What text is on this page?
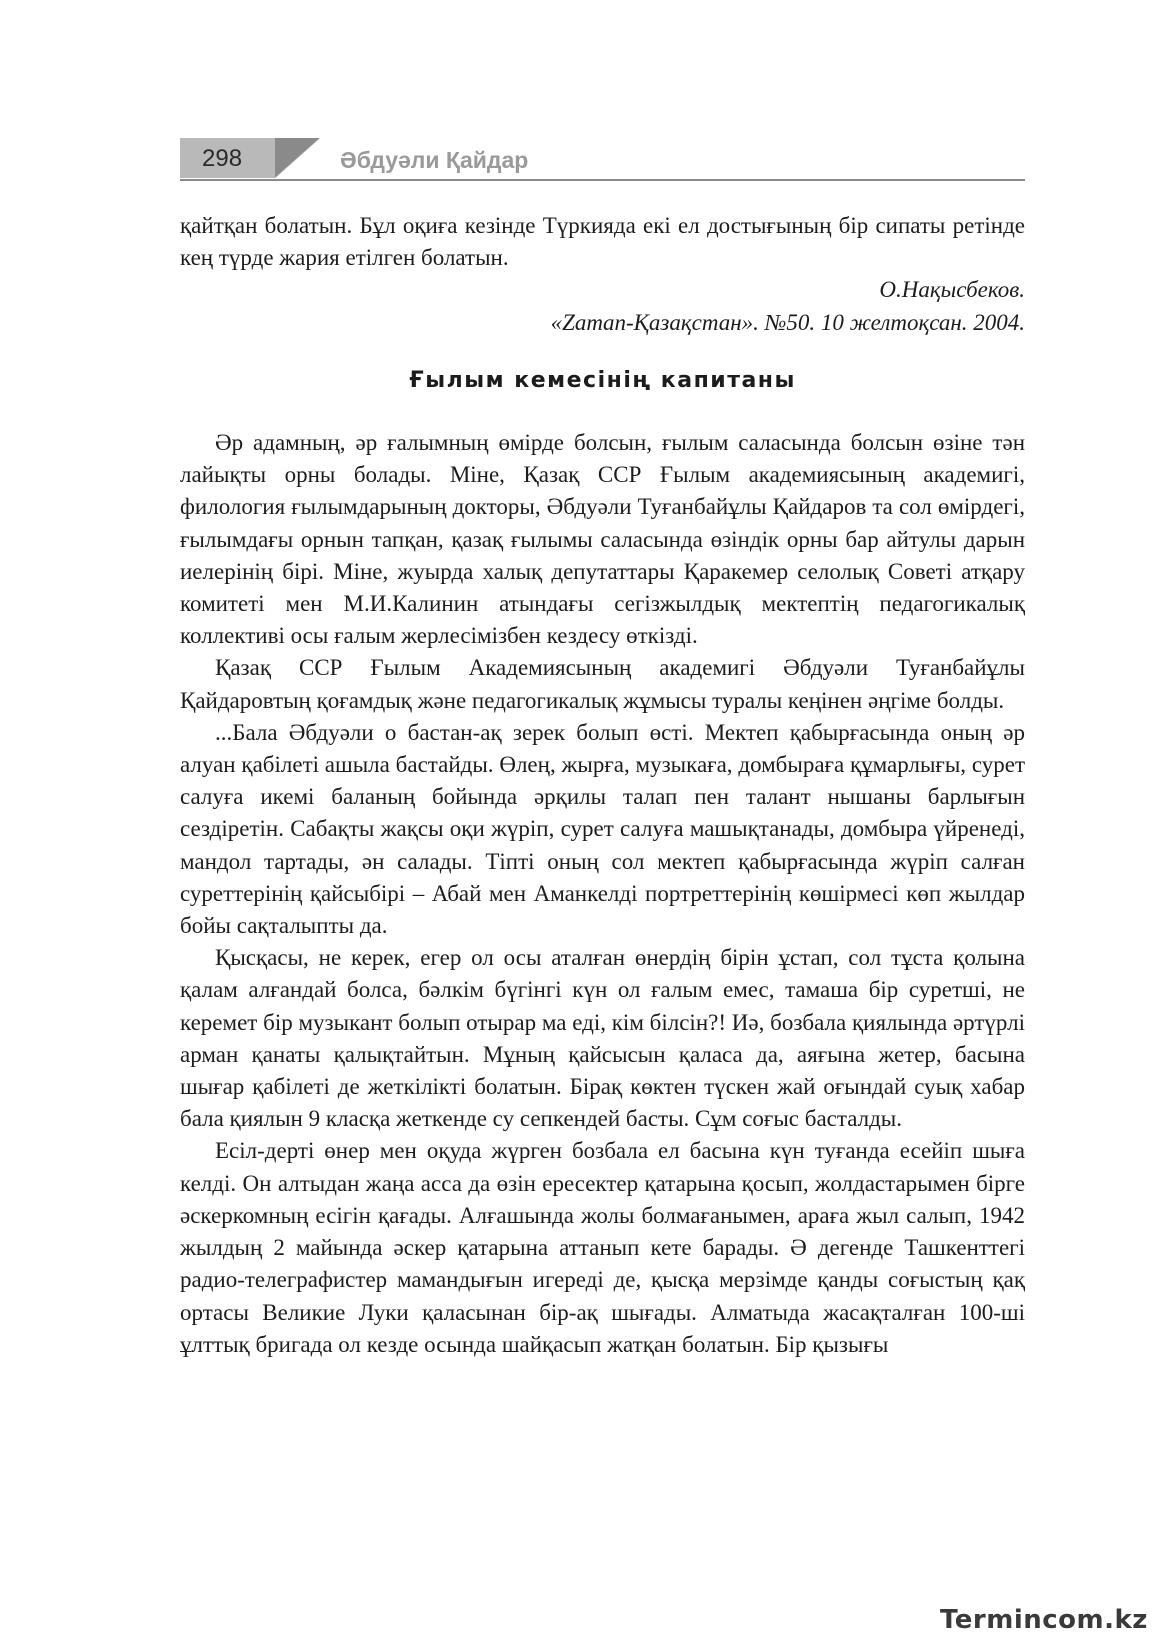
298	Әбдуәли Қайдар

қайтқан болатын. Бұл оқиға кезінде Түркияда екі ел достығының бір сипаты ретінде кең түрде жария етілген болатын.

О.Нақысбеков.

«Zaman-Қазақстан». №50. 10 желтоқсан. 2004.

Ғылым кемесінің капитаны

Әр адамның, әр ғалымның өмірде болсын, ғылым саласында болсын өзіне тән лайықты орны болады. Міне, Қазақ ССР Ғылым академиясының академигі, филология ғылымдарының докторы, Әбдуәли Туғанбайұлы Қайдаров та сол өмірдегі, ғылымдағы орнын тапқан, қазақ ғылымы саласында өзіндік орны бар айтулы дарын иелерінің бірі. Міне, жуырда халық депутаттары Қаракемер селолық Советі атқару комитеті мен М.И.Калинин атындағы сегізжылдық мектептің педагогикалық коллективі осы ғалым жерлесімізбен кездесу өткізді.

Қазақ ССР Ғылым Академиясының академигі Әбдуәли Туғанбайұлы Қайдаровтың қоғамдық және педагогикалық жұмысы туралы кеңінен әңгіме болды.

...Бала Әбдуәли о бастан-ақ зерек болып өсті. Мектеп қабырғасында оның әр алуан қабілеті ашыла бастайды. Өлең, жырға, музыкаға, домбыраға құмарлығы, сурет салуға икемі баланың бойында әрқилы талап пен талант нышаны барлығын сездіретін. Сабақты жақсы оқи жүріп, сурет салуға машықтанады, домбыра үйренеді, мандол тартады, ән салады. Тіпті оның сол мектеп қабырғасында жүріп салған суреттерінің қайсыбірі – Абай мен Аманкелді портреттерінің көшірмесі көп жылдар бойы сақталыпты да.

Қысқасы, не керек, егер ол осы аталған өнердің бірін ұстап, сол тұста қолына қалам алғандай болса, бәлкім бүгінгі күн ол ғалым емес, тамаша бір суретші, не керемет бір музыкант болып отырар ма еді, кім білсін?! Иә, бозбала қиялында әртүрлі арман қанаты қалықтайтын. Мұның қайсысын қаласа да, аяғына жетер, басына шығар қабілеті де жеткілікті болатын. Бірақ көктен түскен жай оғындай суық хабар бала қиялын 9 класқа жеткенде су сепкендей басты. Сұм соғыс басталды.

Есіл-дерті өнер мен оқуда жүрген бозбала ел басына күн туғанда есейіп шыға келді. Он алтыдан жаңа асса да өзін ересектер қатарына қосып, жолдастарымен бірге әскеркомның есігін қағады. Алғашында жолы болмағанымен, араға жыл салып, 1942 жылдың 2 майында әскер қатарына аттанып кете барады. Ә дегенде Ташкенттегі радио-телеграфистер мамандығын игереді де, қысқа мерзімде қанды соғыстың қақ ортасы Великие Луки қаласынан бір-ақ шығады. Алматыда жасақталған 100-ші ұлттық бригада ол кезде осында шайқасып жатқан болатын. Бір қызығы

Termincom.kz
